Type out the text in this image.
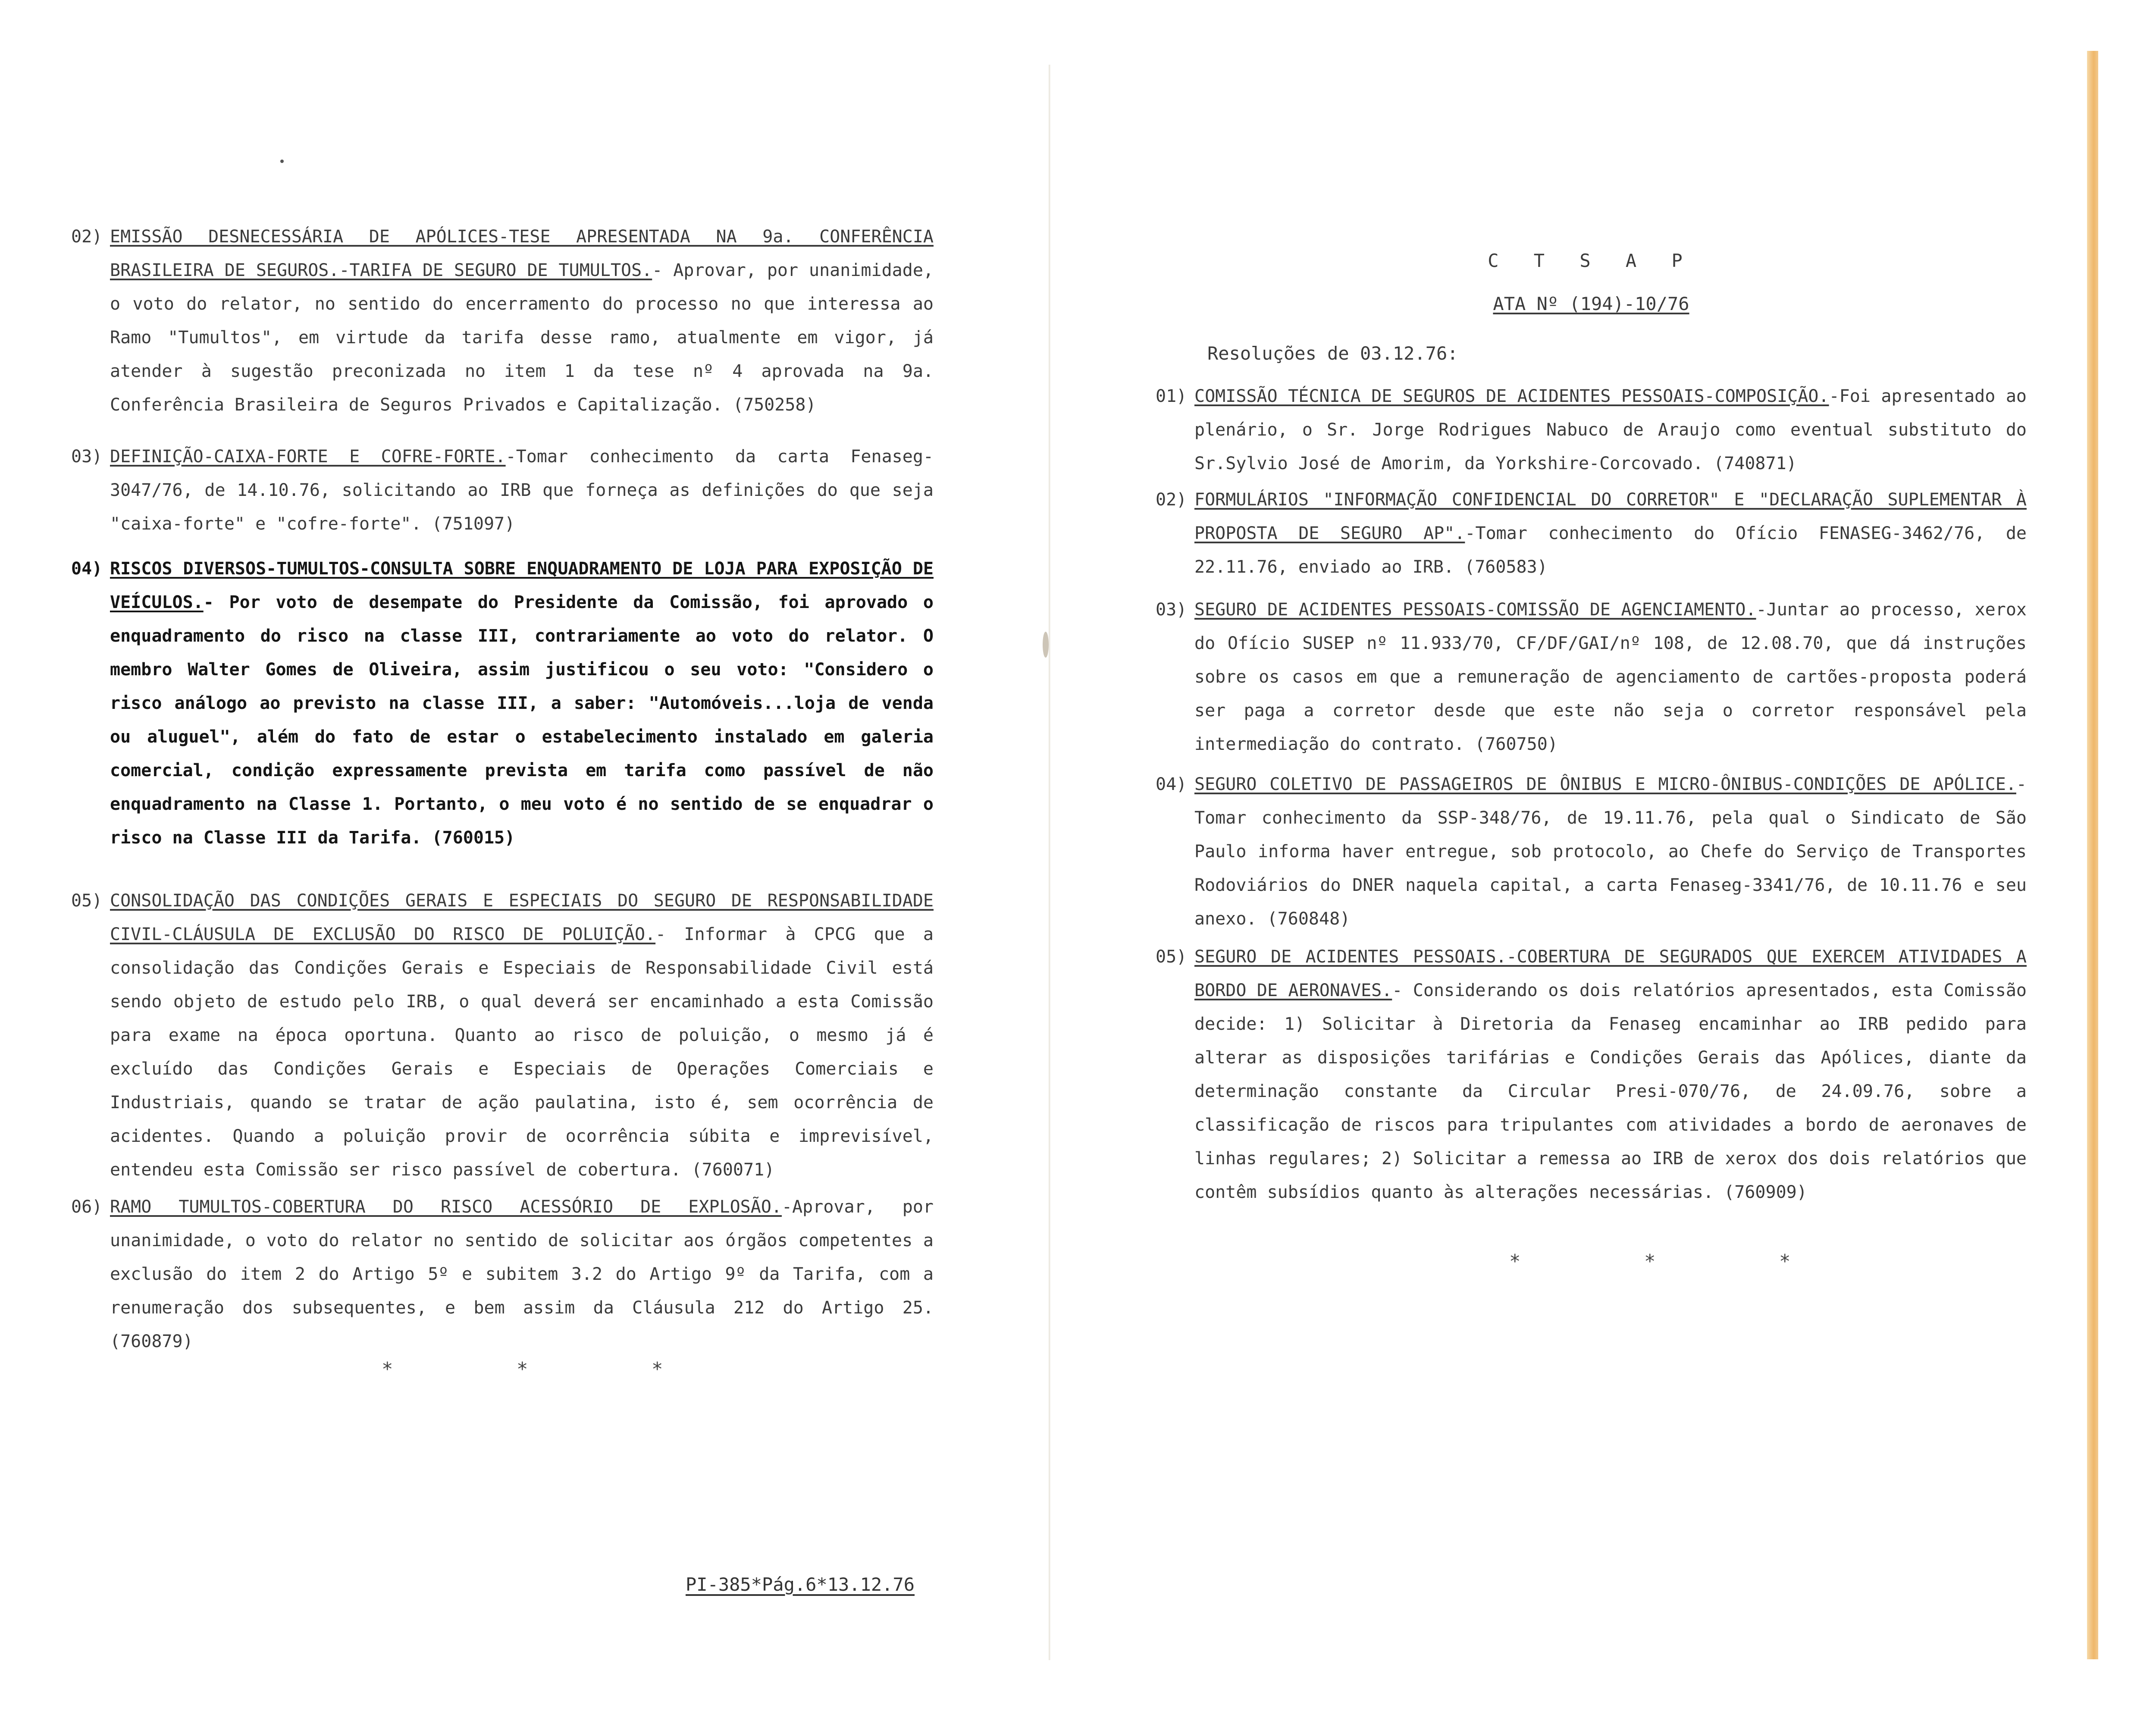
02) EMISSÃO DESNECESSÁRIA DE APÓLICES-TESE APRESENTADA NA 9a. CONFERÊNCIA BRASILEIRA DE SEGUROS.-TARIFA DE SEGURO DE TUMULTOS.- Aprovar, por unanimidade, o voto do relator, no sentido do encerramento do processo no que interessa ao Ramo "Tumultos", em virtude da tarifa desse ramo, atualmente em vigor, já atender à sugestão preconizada no item 1 da tese nº 4 aprovada na 9a. Conferência Brasileira de Seguros Privados e Capitalização. (750258)
03) DEFINIÇÃO-CAIXA-FORTE E COFRE-FORTE.-Tomar conhecimento da carta Fenaseg-3047/76, de 14.10.76, solicitando ao IRB que forneça as definições do que seja "caixa-forte" e "cofre-forte". (751097)
04) RISCOS DIVERSOS-TUMULTOS-CONSULTA SOBRE ENQUADRAMENTO DE LOJA PARA EXPOSIÇÃO DE VEÍCULOS.- Por voto de desempate do Presidente da Comissão, foi aprovado o enquadramento do risco na classe III, contrariamente ao voto do relator. O membro Walter Gomes de Oliveira, assim justificou o seu voto: "Considero o risco análogo ao previsto na classe III, a saber: "Automóveis...loja de venda ou aluguel", além do fato de estar o estabelecimento instalado em galeria comercial, condição expressamente prevista em tarifa como passível de não enquadramento na Classe 1. Portanto, o meu voto é no sentido de se enquadrar o risco na Classe III da Tarifa. (760015)
05) CONSOLIDAÇÃO DAS CONDIÇÕES GERAIS E ESPECIAIS DO SEGURO DE RESPONSABILIDADE CIVIL-CLÁUSULA DE EXCLUSÃO DO RISCO DE POLUIÇÃO.- Informar à CPCG que a consolidação das Condições Gerais e Especiais de Responsabilidade Civil está sendo objeto de estudo pelo IRB, o qual deverá ser encaminhado a esta Comissão para exame na época oportuna. Quanto ao risco de poluição, o mesmo já é excluído das Condições Gerais e Especiais de Operações Comerciais e Industriais, quando se tratar de ação paulatina, isto é, sem ocorrência de acidentes. Quando a poluição provir de ocorrência súbita e imprevisível, entendeu esta Comissão ser risco passível de cobertura. (760071)
06) RAMO TUMULTOS-COBERTURA DO RISCO ACESSÓRIO DE EXPLOSÃO.-Aprovar, por unanimidade, o voto do relator no sentido de solicitar aos órgãos competentes a exclusão do item 2 do Artigo 5º e subitem 3.2 do Artigo 9º da Tarifa, com a renumeração dos subsequentes, e bem assim da Cláusula 212 do Artigo 25. (760879)
* * *
PI-385*Pág.6*13.12.76
C T S A P
ATA Nº (194)-10/76
Resoluções de 03.12.76:
01) COMISSÃO TÉCNICA DE SEGUROS DE ACIDENTES PESSOAIS-COMPOSIÇÃO.-Foi apresentado ao plenário, o Sr. Jorge Rodrigues Nabuco de Araujo como eventual substituto do Sr.Sylvio José de Amorim, da Yorkshire-Corcovado. (740871)
02) FORMULÁRIOS "INFORMAÇÃO CONFIDENCIAL DO CORRETOR" E "DECLARAÇÃO SUPLEMENTAR À PROPOSTA DE SEGURO AP".-Tomar conhecimento do Ofício FENASEG-3462/76, de 22.11.76, enviado ao IRB. (760583)
03) SEGURO DE ACIDENTES PESSOAIS-COMISSÃO DE AGENCIAMENTO.-Juntar ao processo, xerox do Ofício SUSEP nº 11.933/70, CF/DF/GAI/nº 108, de 12.08.70, que dá instruções sobre os casos em que a remuneração de agenciamento de cartões-proposta poderá ser paga a corretor desde que este não seja o corretor responsável pela intermediação do contrato. (760750)
04) SEGURO COLETIVO DE PASSAGEIROS DE ÔNIBUS E MICRO-ÔNIBUS-CONDIÇÕES DE APÓLICE.-Tomar conhecimento da SSP-348/76, de 19.11.76, pela qual o Sindicato de São Paulo informa haver entregue, sob protocolo, ao Chefe do Serviço de Transportes Rodoviários do DNER naquela capital, a carta Fenaseg-3341/76, de 10.11.76 e seu anexo. (760848)
05) SEGURO DE ACIDENTES PESSOAIS.-COBERTURA DE SEGURADOS QUE EXERCEM ATIVIDADES A BORDO DE AERONAVES.- Considerando os dois relatórios apresentados, esta Comissão decide: 1) Solicitar à Diretoria da Fenaseg encaminhar ao IRB pedido para alterar as disposições tarifárias e Condições Gerais das Apólices, diante da determinação constante da Circular Presi-070/76, de 24.09.76, sobre a classificação de riscos para tripulantes com atividades a bordo de aeronaves de linhas regulares; 2) Solicitar a remessa ao IRB de xerox dos dois relatórios que contêm subsídios quanto às alterações necessárias. (760909)
* * *
